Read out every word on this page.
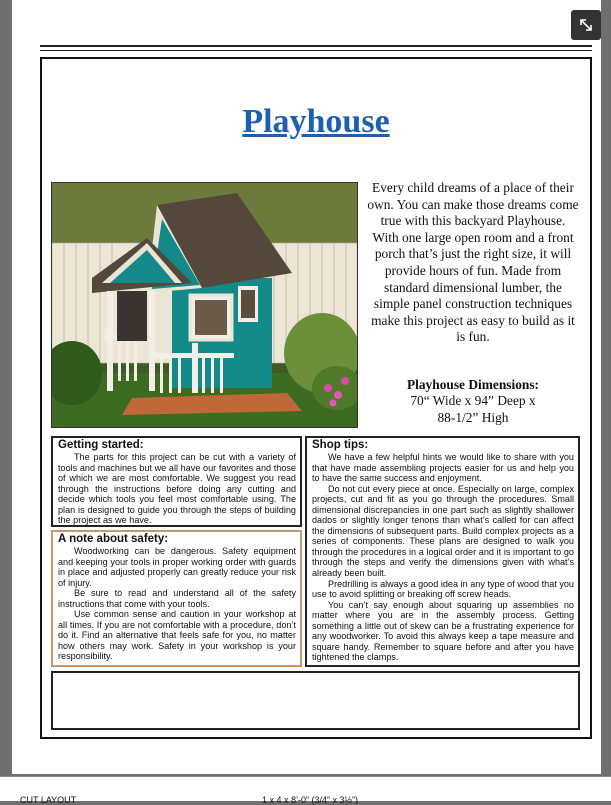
Playhouse
Every child dreams of a place of their own. You can make those dreams come true with this backyard Playhouse. With one large open room and a front porch that’s just the right size, it will provide hours of fun. Made from standard dimensional lumber, the simple panel construction techniques make this project as easy to build as it is fun.
Playhouse Dimensions:
70“ Wide x 94” Deep x
88-1/2” High
Getting started:

The parts for this project can be cut with a variety of tools and machines but we all have our favorites and those of which we are most comfortable. We suggest you read through the instructions before doing any cutting and decide which tools you feel most comfortable using. The plan is designed to guide you through the steps of building the project as we have.

A note about safety:

Woodworking can be dangerous. Safety equipment and keeping your tools in proper working order with guards in place and adjusted properly can greatly reduce your risk of injury.

Be sure to read and understand all of the safety instructions that come with your tools.

Use common sense and caution in your workshop at all times. If you are not comfortable with a procedure, don’t do it. Find an alternative that feels safe for you, no matter how others may work. Safety in your workshop is your responsibility.

Shop tips:

We have a few helpful hints we would like to share with you that have made assembling projects easier for us and help you to have the same success and enjoyment.

Do not cut every piece at once. Especially on large, complex projects, cut and fit as you go through the procedures. Small dimensional discrepancies in one part such as slightly shallower dados or slightly longer tenons than what’s called for can affect the dimensions of subsequent parts. Build complex projects as a series of components. These plans are designed to walk you through the procedures in a logical order and it is important to go through the steps and verify the dimensions given with what’s already been built.

Predrilling is always a good idea in any type of wood that you use to avoid splitting or breaking off screw heads.

You can’t say enough about squaring up assemblies no matter where you are in the assembly process. Getting something a little out of skew can be a frustrating experience for any woodworker. To avoid this always keep a tape measure and square handy. Remember to square before and after you have tightened the clamps.

CUT LAYOUT	1 x 4 x 8’-0” (3/4” x 3½”)
